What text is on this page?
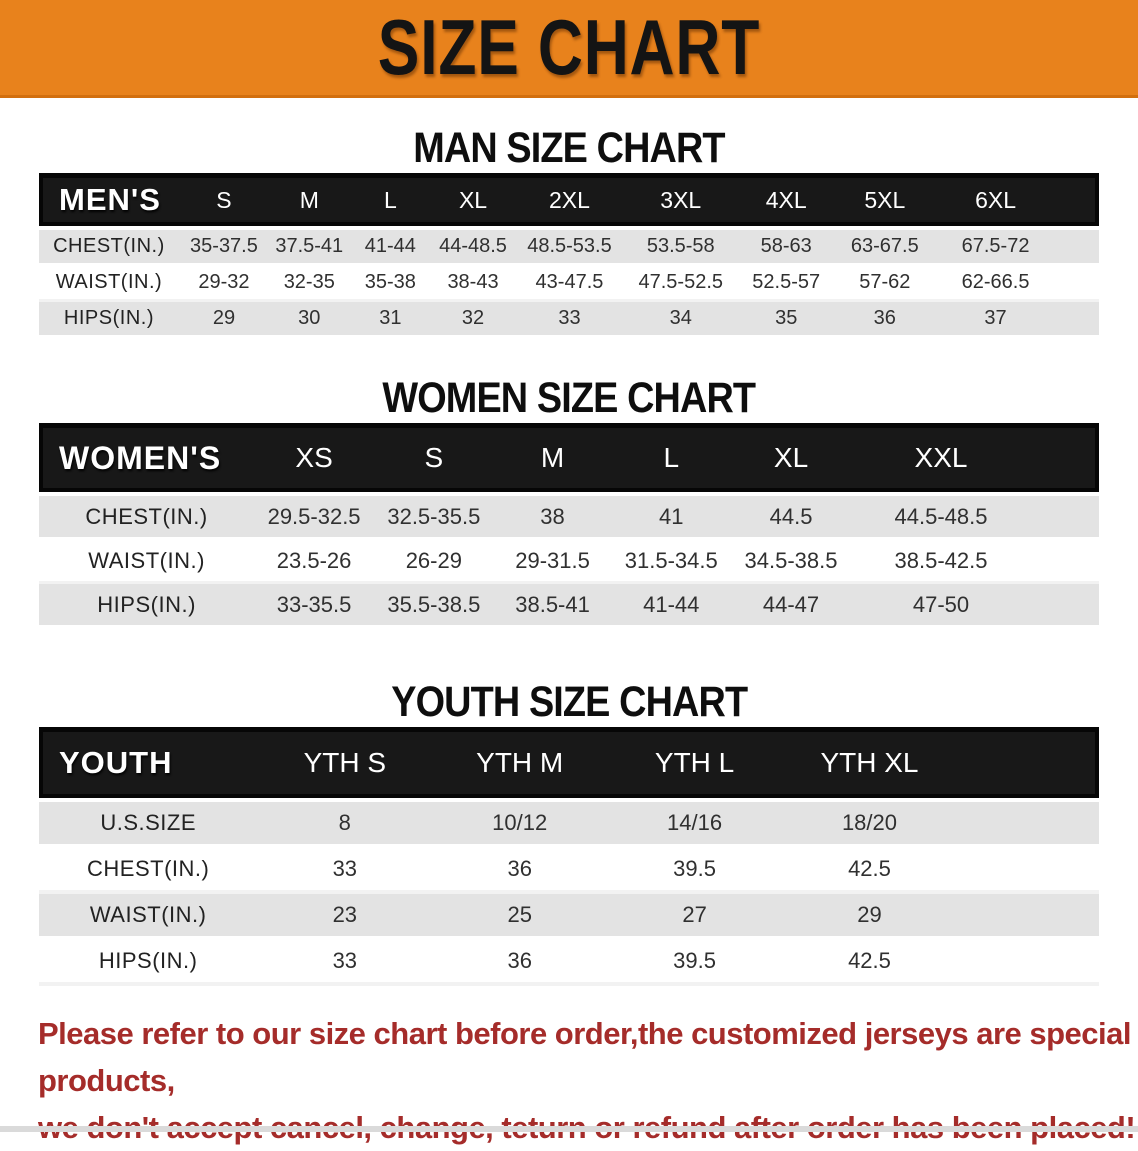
SIZE CHART
MAN SIZE CHART
MEN'S	S	M	L	XL	2XL	3XL	4XL	5XL	6XL	
CHEST(IN.)	35-37.5	37.5-41	41-44	44-48.5	48.5-53.5	53.5-58	58-63	63-67.5	67.5-72	
WAIST(IN.)	29-32	32-35	35-38	38-43	43-47.5	47.5-52.5	52.5-57	57-62	62-66.5	
HIPS(IN.)	29	30	31	32	33	34	35	36	37	
WOMEN SIZE CHART
WOMEN'S	XS	S	M	L	XL	XXL	
CHEST(IN.)	29.5-32.5	32.5-35.5	38	41	44.5	44.5-48.5	
WAIST(IN.)	23.5-26	26-29	29-31.5	31.5-34.5	34.5-38.5	38.5-42.5	
HIPS(IN.)	33-35.5	35.5-38.5	38.5-41	41-44	44-47	47-50	
YOUTH SIZE CHART
YOUTH	YTH S	YTH M	YTH L	YTH XL	
U.S.SIZE	8	10/12	14/16	18/20	
CHEST(IN.)	33	36	39.5	42.5	
WAIST(IN.)	23	25	27	29	
HIPS(IN.)	33	36	39.5	42.5	
Please refer to our size chart before order,the customized jerseys are special products,
